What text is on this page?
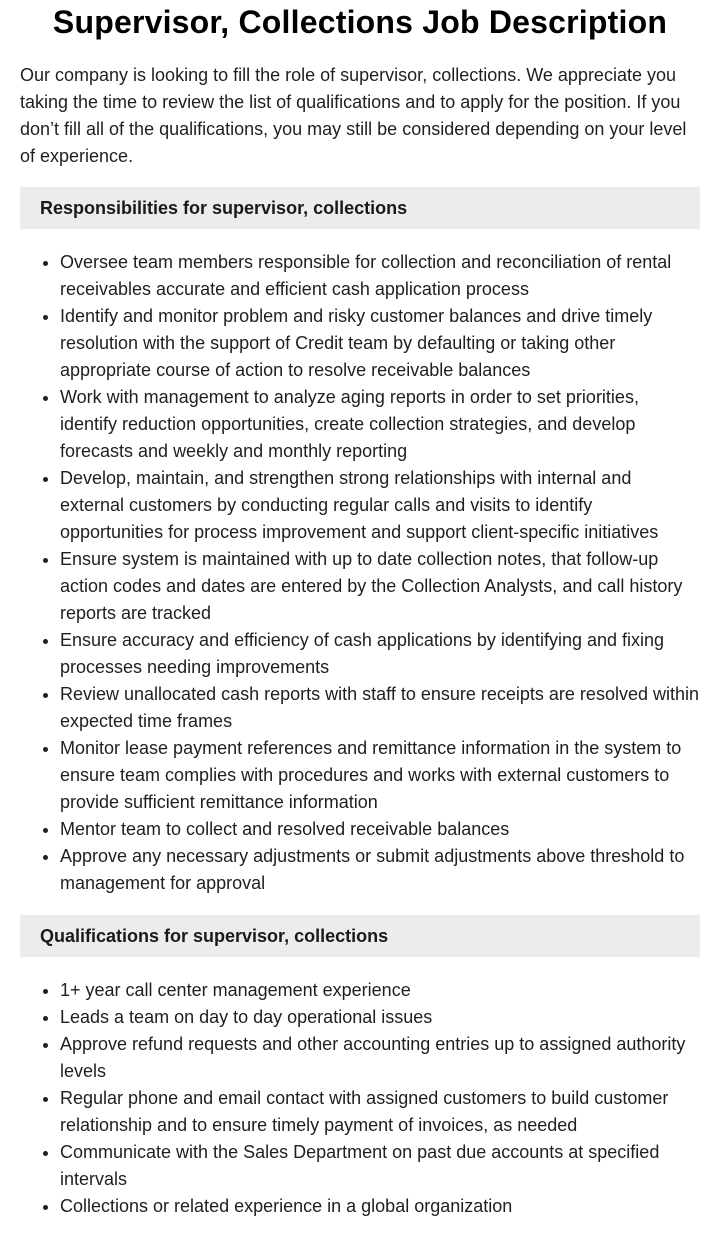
Supervisor, Collections Job Description

Our company is looking to fill the role of supervisor, collections. We appreciate you taking the time to review the list of qualifications and to apply for the position. If you don’t fill all of the qualifications, you may still be considered depending on your level of experience.

Responsibilities for supervisor, collections
• Oversee team members responsible for collection and reconciliation of rental receivables accurate and efficient cash application process
• Identify and monitor problem and risky customer balances and drive timely resolution with the support of Credit team by defaulting or taking other appropriate course of action to resolve receivable balances
• Work with management to analyze aging reports in order to set priorities, identify reduction opportunities, create collection strategies, and develop forecasts and weekly and monthly reporting
• Develop, maintain, and strengthen strong relationships with internal and external customers by conducting regular calls and visits to identify opportunities for process improvement and support client-specific initiatives
• Ensure system is maintained with up to date collection notes, that follow-up action codes and dates are entered by the Collection Analysts, and call history reports are tracked
• Ensure accuracy and efficiency of cash applications by identifying and fixing processes needing improvements
• Review unallocated cash reports with staff to ensure receipts are resolved within expected time frames
• Monitor lease payment references and remittance information in the system to ensure team complies with procedures and works with external customers to provide sufficient remittance information
• Mentor team to collect and resolved receivable balances
• Approve any necessary adjustments or submit adjustments above threshold to management for approval
Qualifications for supervisor, collections
• 1+ year call center management experience
• Leads a team on day to day operational issues
• Approve refund requests and other accounting entries up to assigned authority levels
• Regular phone and email contact with assigned customers to build customer relationship and to ensure timely payment of invoices, as needed
• Communicate with the Sales Department on past due accounts at specified intervals
• Collections or related experience in a global organization
